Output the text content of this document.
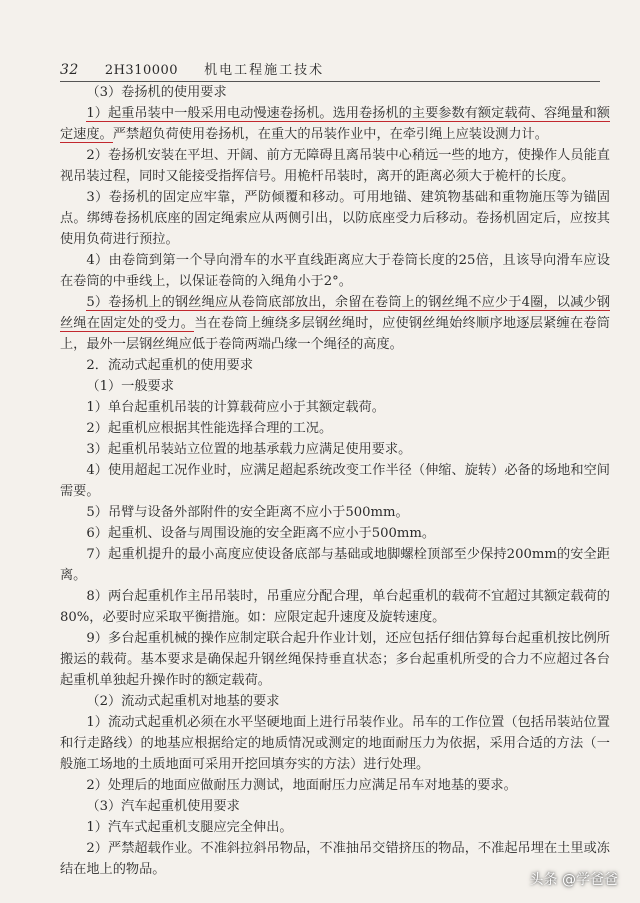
32 2H310000 机电工程施工技术

（3）卷扬机的使用要求

1）起重吊装中一般采用电动慢速卷扬机。选用卷扬机的主要参数有额定载荷、容绳量和额定速度。严禁超负荷使用卷扬机，在重大的吊装作业中，在牵引绳上应装设测力计。

2）卷扬机安装在平坦、开阔、前方无障碍且离吊装中心稍远一些的地方，使操作人员能直视吊装过程，同时又能接受指挥信号。用桅杆吊装时，离开的距离必须大于桅杆的长度。

3）卷扬机的固定应牢靠，严防倾覆和移动。可用地锚、建筑物基础和重物施压等为锚固点。绑缚卷扬机底座的固定绳索应从两侧引出，以防底座受力后移动。卷扬机固定后，应按其使用负荷进行预拉。

4）由卷筒到第一个导向滑车的水平直线距离应大于卷筒长度的25倍，且该导向滑车应设在卷筒的中垂线上，以保证卷筒的入绳角小于2°。

5）卷扬机上的钢丝绳应从卷筒底部放出，余留在卷筒上的钢丝绳不应少于4圈，以减少钢丝绳在固定处的受力。当在卷筒上缠绕多层钢丝绳时，应使钢丝绳始终顺序地逐层紧缠在卷筒上，最外一层钢丝绳应低于卷筒两端凸缘一个绳径的高度。

2．流动式起重机的使用要求

（1）一般要求

1）单台起重机吊装的计算载荷应小于其额定载荷。

2）起重机应根据其性能选择合理的工况。

3）起重机吊装站立位置的地基承载力应满足使用要求。

4）使用超起工况作业时，应满足超起系统改变工作半径（伸缩、旋转）必备的场地和空间需要。

5）吊臂与设备外部附件的安全距离不应小于500mm。

6）起重机、设备与周围设施的安全距离不应小于500mm。

7）起重机提升的最小高度应使设备底部与基础或地脚螺栓顶部至少保持200mm的安全距离。

8）两台起重机作主吊吊装时，吊重应分配合理，单台起重机的载荷不宜超过其额定载荷的80%，必要时应采取平衡措施。如：应限定起升速度及旋转速度。

9）多台起重机械的操作应制定联合起升作业计划，还应包括仔细估算每台起重机按比例所搬运的载荷。基本要求是确保起升钢丝绳保持垂直状态；多台起重机所受的合力不应超过各台起重机单独起升操作时的额定载荷。

（2）流动式起重机对地基的要求

1）流动式起重机必须在水平坚硬地面上进行吊装作业。吊车的工作位置（包括吊装站位置和行走路线）的地基应根据给定的地质情况或测定的地面耐压力为依据，采用合适的方法（一般施工场地的土质地面可采用开挖回填夯实的方法）进行处理。

2）处理后的地面应做耐压力测试，地面耐压力应满足吊车对地基的要求。

（3）汽车起重机使用要求

1）汽车式起重机支腿应完全伸出。

2）严禁超载作业。不准斜拉斜吊物品，不准抽吊交错挤压的物品，不准起吊埋在土里或冻结在地上的物品。

头条 @学爸爸
